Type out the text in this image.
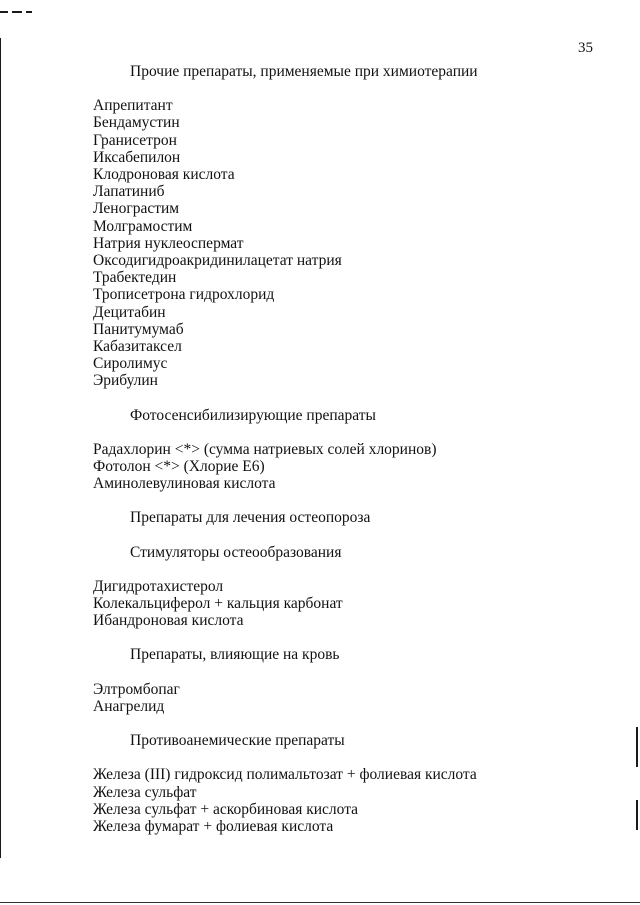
35

Прочие препараты, применяемые при химиотерапии
Апрепитант
Бендамустин
Гранисетрон
Иксабепилон
Клодроновая кислота
Лапатиниб
Ленограстим
Молграмостим
Натрия нуклеоспермат
Оксодигидроакридинилацетат натрия
Трабектедин
Трописетрона гидрохлорид
Децитабин
Панитумумаб
Кабазитаксел
Сиролимус
Эрибулин
Фотосенсибилизирующие препараты
Радахлорин <*> (сумма натриевых солей хлоринов)
Фотолон <*> (Хлорие Е6)
Аминолевулиновая кислота
Препараты для лечения остеопороза
Стимуляторы остеообразования
Дигидротахистерол
Колекальциферол + кальция карбонат
Ибандроновая кислота
Препараты, влияющие на кровь
Элтромбопаг
Анагрелид
Противоанемические препараты
Железа (III) гидроксид полимальтозат + фолиевая кислота
Железа сульфат
Железа сульфат + аскорбиновая кислота
Железа фумарат + фолиевая кислота
